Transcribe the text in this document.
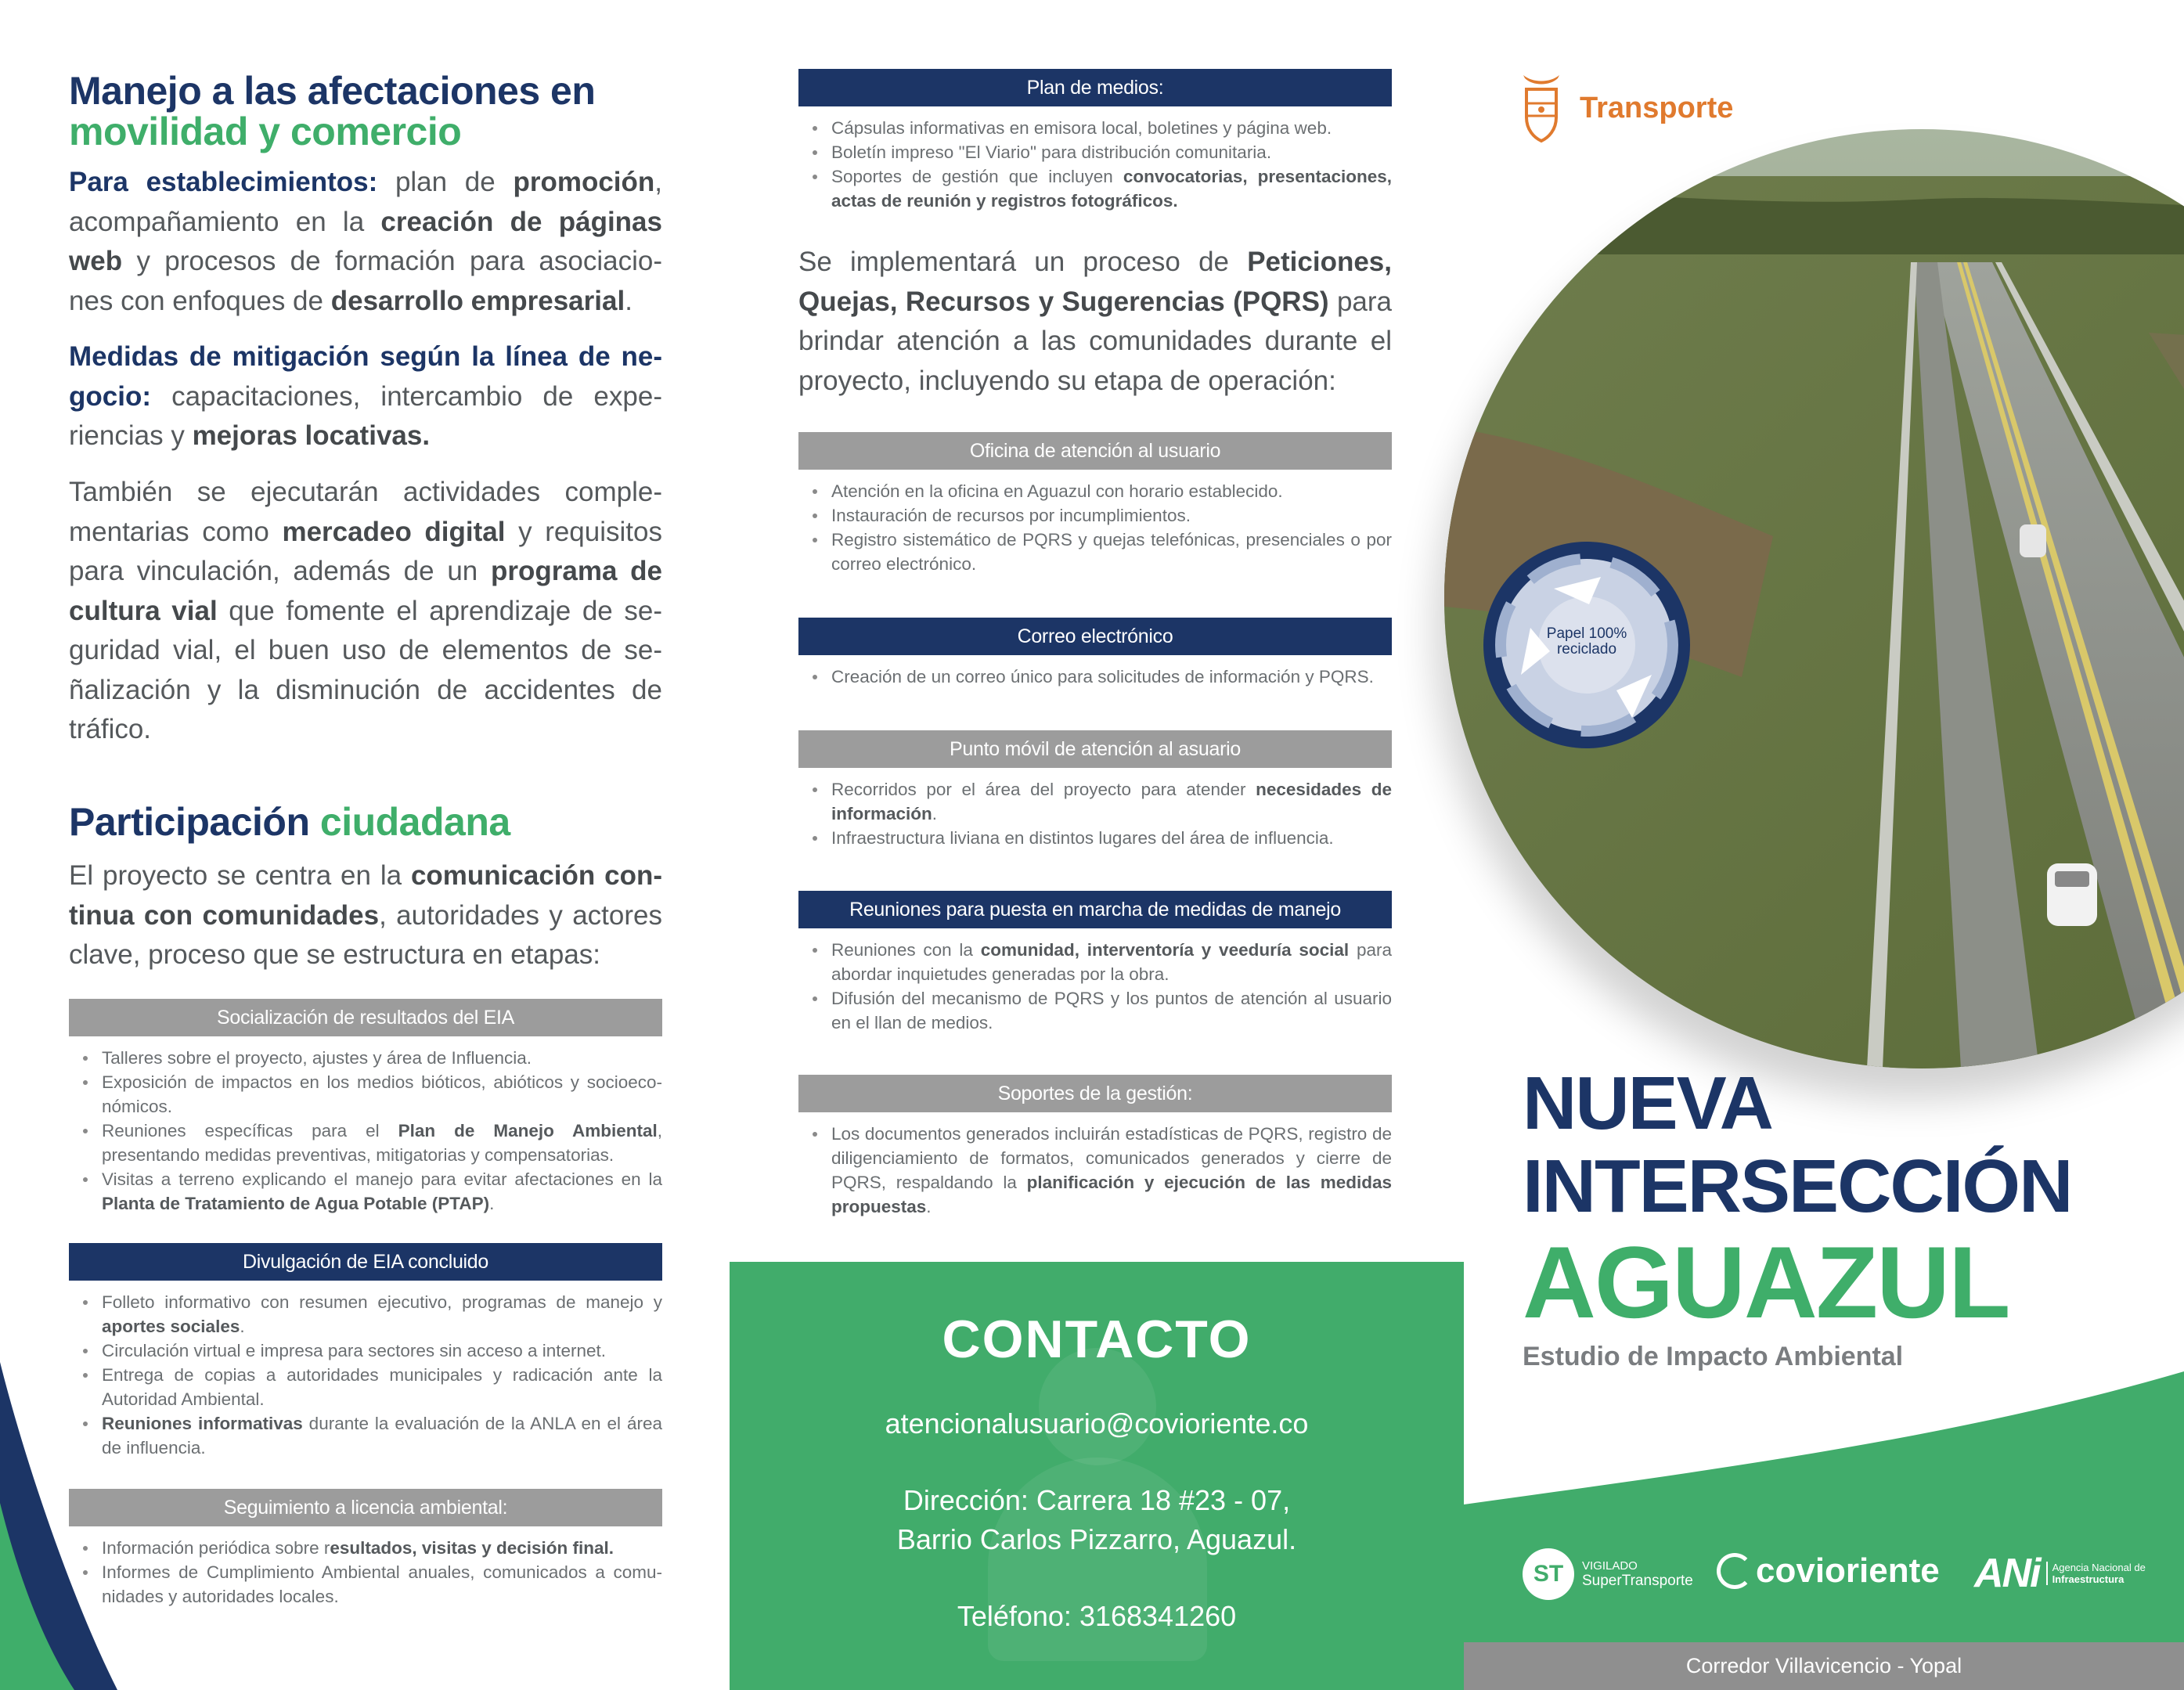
Manejo a las afectaciones en
movilidad y comercio

Para establecimientos: plan de promoción, acompañamiento en la creación de páginas web y procesos de formación para asociacio-nes con enfoques de desarrollo empresarial.

Medidas de mitigación según la línea de ne-gocio: capacitaciones, intercambio de expe-riencias y mejoras locativas.

También se ejecutarán actividades comple-mentarias como mercadeo digital y requisitos para vinculación, además de un programa de cultura vial que fomente el aprendizaje de se-guridad vial, el buen uso de elementos de se-ñalización y la disminución de accidentes de tráfico.

Participación ciudadana

El proyecto se centra en la comunicación con-tinua con comunidades, autoridades y actores clave, proceso que se estructura en etapas:

Socialización de resultados del EIA
Talleres sobre el proyecto, ajustes y área de Influencia.
Exposición de impactos en los medios bióticos, abióticos y socioeco-nómicos.
Reuniones específicas para el Plan de Manejo Ambiental, presentando medidas preventivas, mitigatorias y compensatorias.
Visitas a terreno explicando el manejo para evitar afectaciones en la Planta de Tratamiento de Agua Potable (PTAP).
Divulgación de EIA concluido
Folleto informativo con resumen ejecutivo, programas de manejo y aportes sociales.
Circulación virtual e impresa para sectores sin acceso a internet.
Entrega de copias a autoridades municipales y radicación ante la Autoridad Ambiental.
Reuniones informativas durante la evaluación de la ANLA en el área de influencia.
Seguimiento a licencia ambiental:
Información periódica sobre resultados, visitas y decisión final.
Informes de Cumplimiento Ambiental anuales, comunicados a comu-nidades y autoridades locales.
Plan de medios:
Cápsulas informativas en emisora local, boletines y página web.
Boletín impreso "El Viario" para distribución comunitaria.
Soportes de gestión que incluyen convocatorias, presentaciones, actas de reunión y registros fotográficos.

Se implementará un proceso de Peticiones, Quejas, Recursos y Sugerencias (PQRS) para brindar atención a las comunidades durante el proyecto, incluyendo su etapa de operación:

Oficina de atención al usuario
Atención en la oficina en Aguazul con horario establecido.
Instauración de recursos por incumplimientos.
Registro sistemático de PQRS y quejas telefónicas, presenciales o por correo electrónico.
Correo electrónico
Creación de un correo único para solicitudes de información y PQRS.
Punto móvil de atención al asuario
Recorridos por el área del proyecto para atender necesidades de información.
Infraestructura liviana en distintos lugares del área de influencia.
Reuniones para puesta en marcha de medidas de manejo
Reuniones con la comunidad, interventoría y veeduría social para abordar inquietudes generadas por la obra.
Difusión del mecanismo de PQRS y los puntos de atención al usuario en el llan de medios.
Soportes de la gestión:
Los documentos generados incluirán estadísticas de PQRS, registro de diligenciamiento de formatos, comunicados generados y cierre de PQRS, respaldando la planificación y ejecución de las medidas propuestas.
CONTACTO
atencionalusuario@covioriente.co
Dirección: Carrera 18 #23 - 07,
Barrio Carlos Pizzarro, Aguazul.
Teléfono: 3168341260
Transporte
Papel 100% reciclado
NUEVA
INTERSECCIÓN
AGUAZUL
Estudio de Impacto Ambiental
ST	VIGILADO
SuperTransporte covioriente ANi Agencia Nacional de
Infraestructura
Corredor Villavicencio - Yopal
